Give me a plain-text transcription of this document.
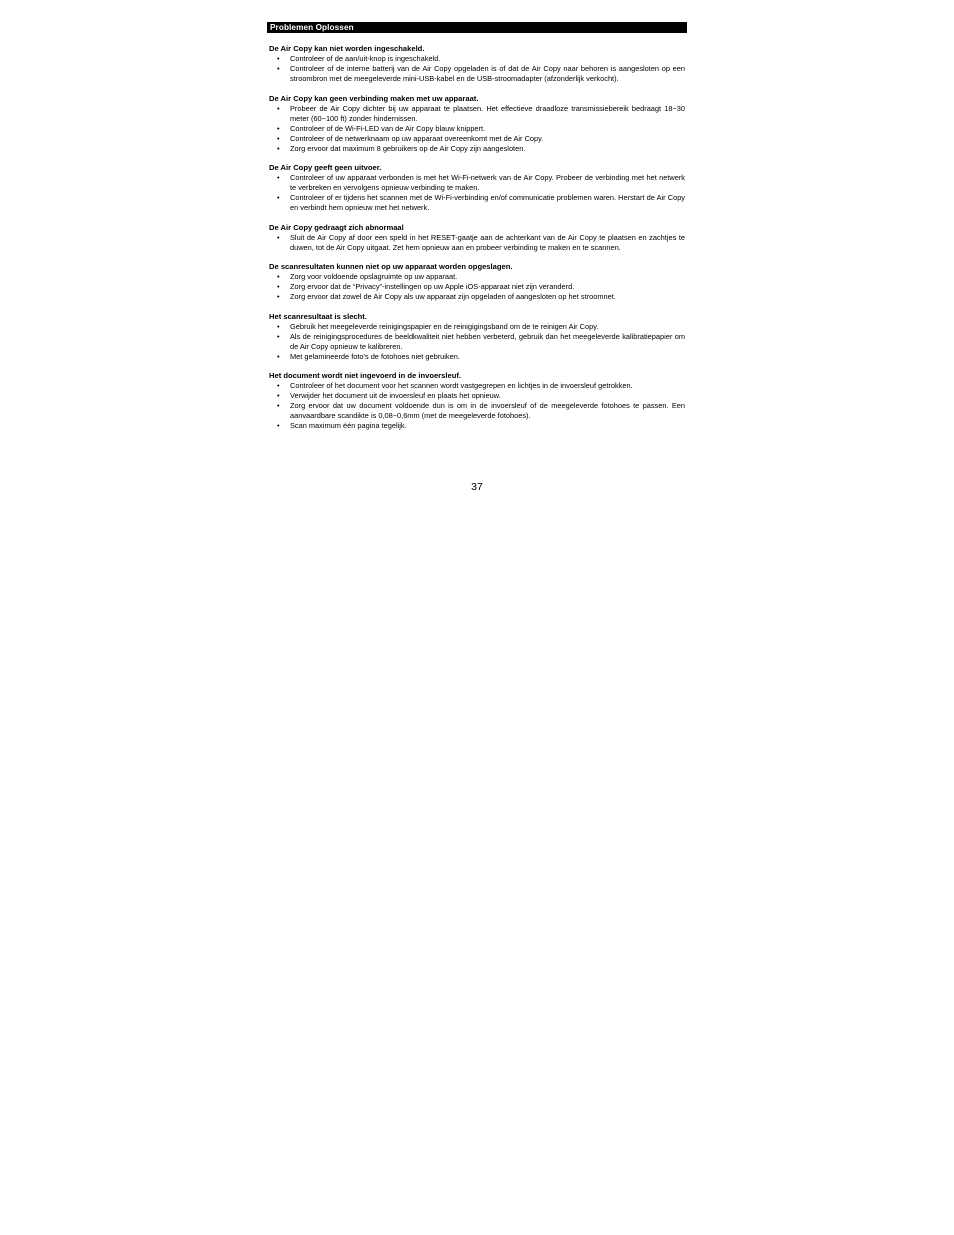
Problemen Oplossen

De Air Copy kan niet worden ingeschakeld.

• Controleer of de aan/uit-knop is ingeschakeld.
• Controleer of de interne batterij van de Air Copy opgeladen is of dat de Air Copy naar behoren is aangesloten op een stroombron met de meegeleverde mini-USB-kabel en de USB-stroomadapter (afzonderlijk verkocht).

De Air Copy kan geen verbinding maken met uw apparaat.

• Probeer de Air Copy dichter bij uw apparaat te plaatsen. Het effectieve draadloze transmissiebereik bedraagt 18~30 meter (60~100 ft) zonder hindernissen.
• Controleer of de Wi-Fi-LED van de Air Copy blauw knippert.
• Controleer of de netwerknaam op uw apparaat overeenkomt met de Air Copy.
• Zorg ervoor dat maximum 8 gebruikers op de Air Copy zijn aangesloten.

De Air Copy geeft geen uitvoer.

• Controleer of uw apparaat verbonden is met het Wi-Fi-netwerk van de Air Copy. Probeer de verbinding met het netwerk te verbreken en vervolgens opnieuw verbinding te maken.
• Controleer of er tijdens het scannen met de Wi-Fi-verbinding en/of communicatie problemen waren. Herstart de Air Copy en verbindt hem opnieuw met het netwerk.

De Air Copy gedraagt zich abnormaal

• Sluit de Air Copy af door een speld in het RESET-gaatje aan de achterkant van de Air Copy te plaatsen en zachtjes te duwen, tot de Air Copy uitgaat. Zet hem opnieuw aan en probeer verbinding te maken en te scannen.

De scanresultaten kunnen niet op uw apparaat worden opgeslagen.

• Zorg voor voldoende opslagruimte op uw apparaat.
• Zorg ervoor dat de “Privacy”-instellingen op uw Apple iOS-apparaat niet zijn veranderd.
• Zorg ervoor dat zowel de Air Copy als uw apparaat zijn opgeladen of aangesloten op het stroomnet.

Het scanresultaat is slecht.

• Gebruik het meegeleverde reinigingspapier en de reinigigingsband om de te reinigen Air Copy.
• Als de reinigingsprocedures de beeldkwaliteit niet hebben verbeterd, gebruik dan het meegeleverde kalibratiepapier om de Air Copy opnieuw te kalibreren.
• Met gelamineerde foto's de fotohoes niet gebruiken.

Het document wordt niet ingevoerd in de invoersleuf.

• Controleer of het document voor het scannen wordt vastgegrepen en lichtjes in de invoersleuf getrokken.
• Verwijder het document uit de invoersleuf en plaats het opnieuw.
• Zorg ervoor dat uw document voldoende dun is om in de invoersleuf of de meegeleverde fotohoes te passen. Een aanvaardbare scandikte is 0,08~0,6mm (met de meegeleverde fotohoes).
• Scan maximum één pagina tegelijk.
37
